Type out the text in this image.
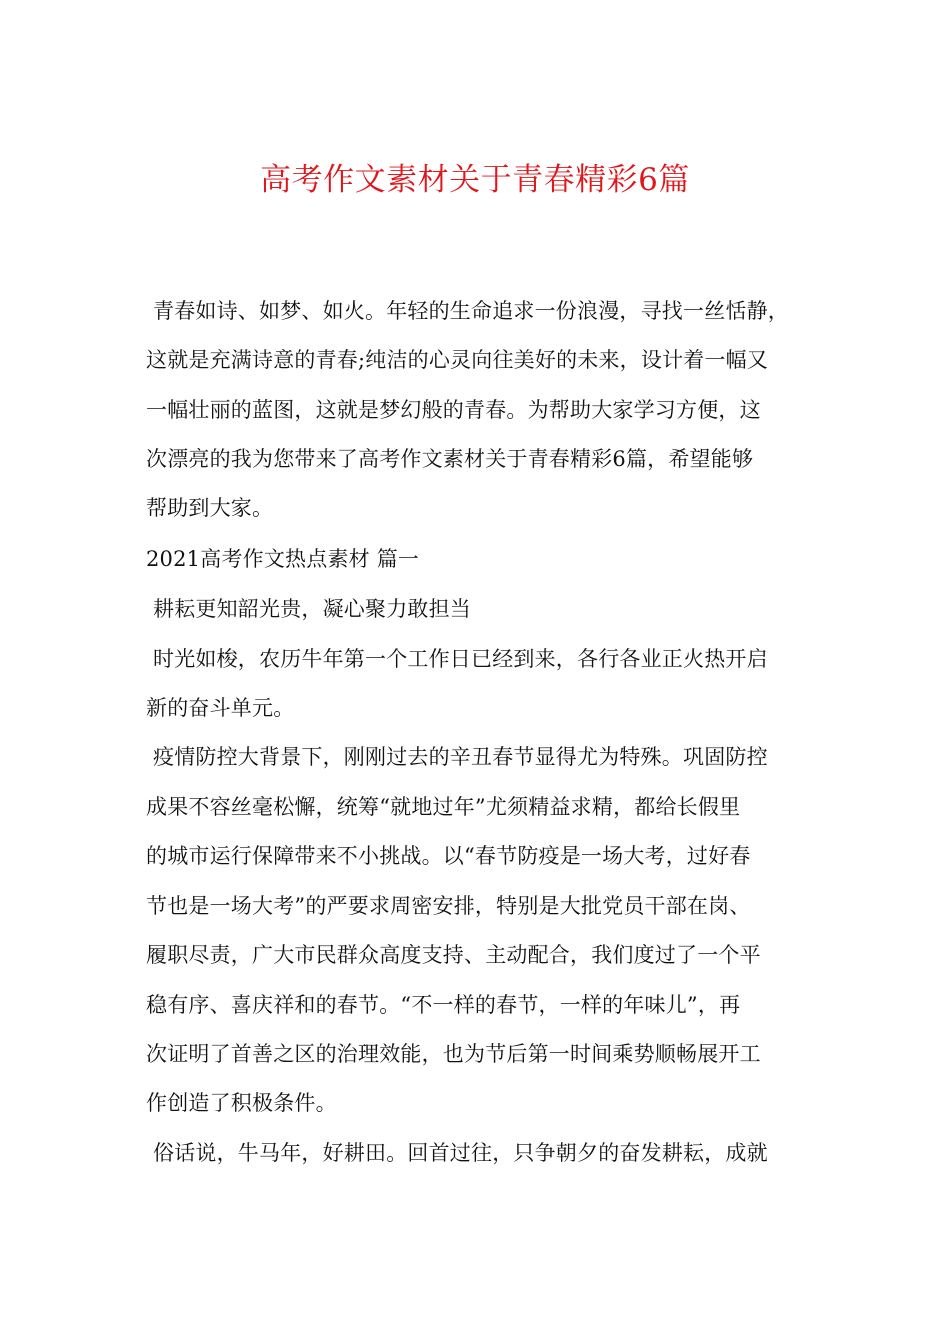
高考作文素材关于青春精彩6篇
青春如诗、如梦、如火。年轻的生命追求一份浪漫，寻找一丝恬静，
这就是充满诗意的青春;纯洁的心灵向往美好的未来，设计着一幅又
一幅壮丽的蓝图，这就是梦幻般的青春。为帮助大家学习方便，这
次漂亮的我为您带来了高考作文素材关于青春精彩6篇，希望能够
帮助到大家。
2021高考作文热点素材 篇一
耕耘更知韶光贵，凝心聚力敢担当
时光如梭，农历牛年第一个工作日已经到来，各行各业正火热开启
新的奋斗单元。
疫情防控大背景下，刚刚过去的辛丑春节显得尤为特殊。巩固防控
成果不容丝毫松懈，统筹“就地过年”尤须精益求精，都给长假里
的城市运行保障带来不小挑战。以“春节防疫是一场大考，过好春
节也是一场大考”的严要求周密安排，特别是大批党员干部在岗、
履职尽责，广大市民群众高度支持、主动配合，我们度过了一个平
稳有序、喜庆祥和的春节。“不一样的春节，一样的年味儿”，再
次证明了首善之区的治理效能，也为节后第一时间乘势顺畅展开工
作创造了积极条件。
俗话说，牛马年，好耕田。回首过往，只争朝夕的奋发耕耘，成就
